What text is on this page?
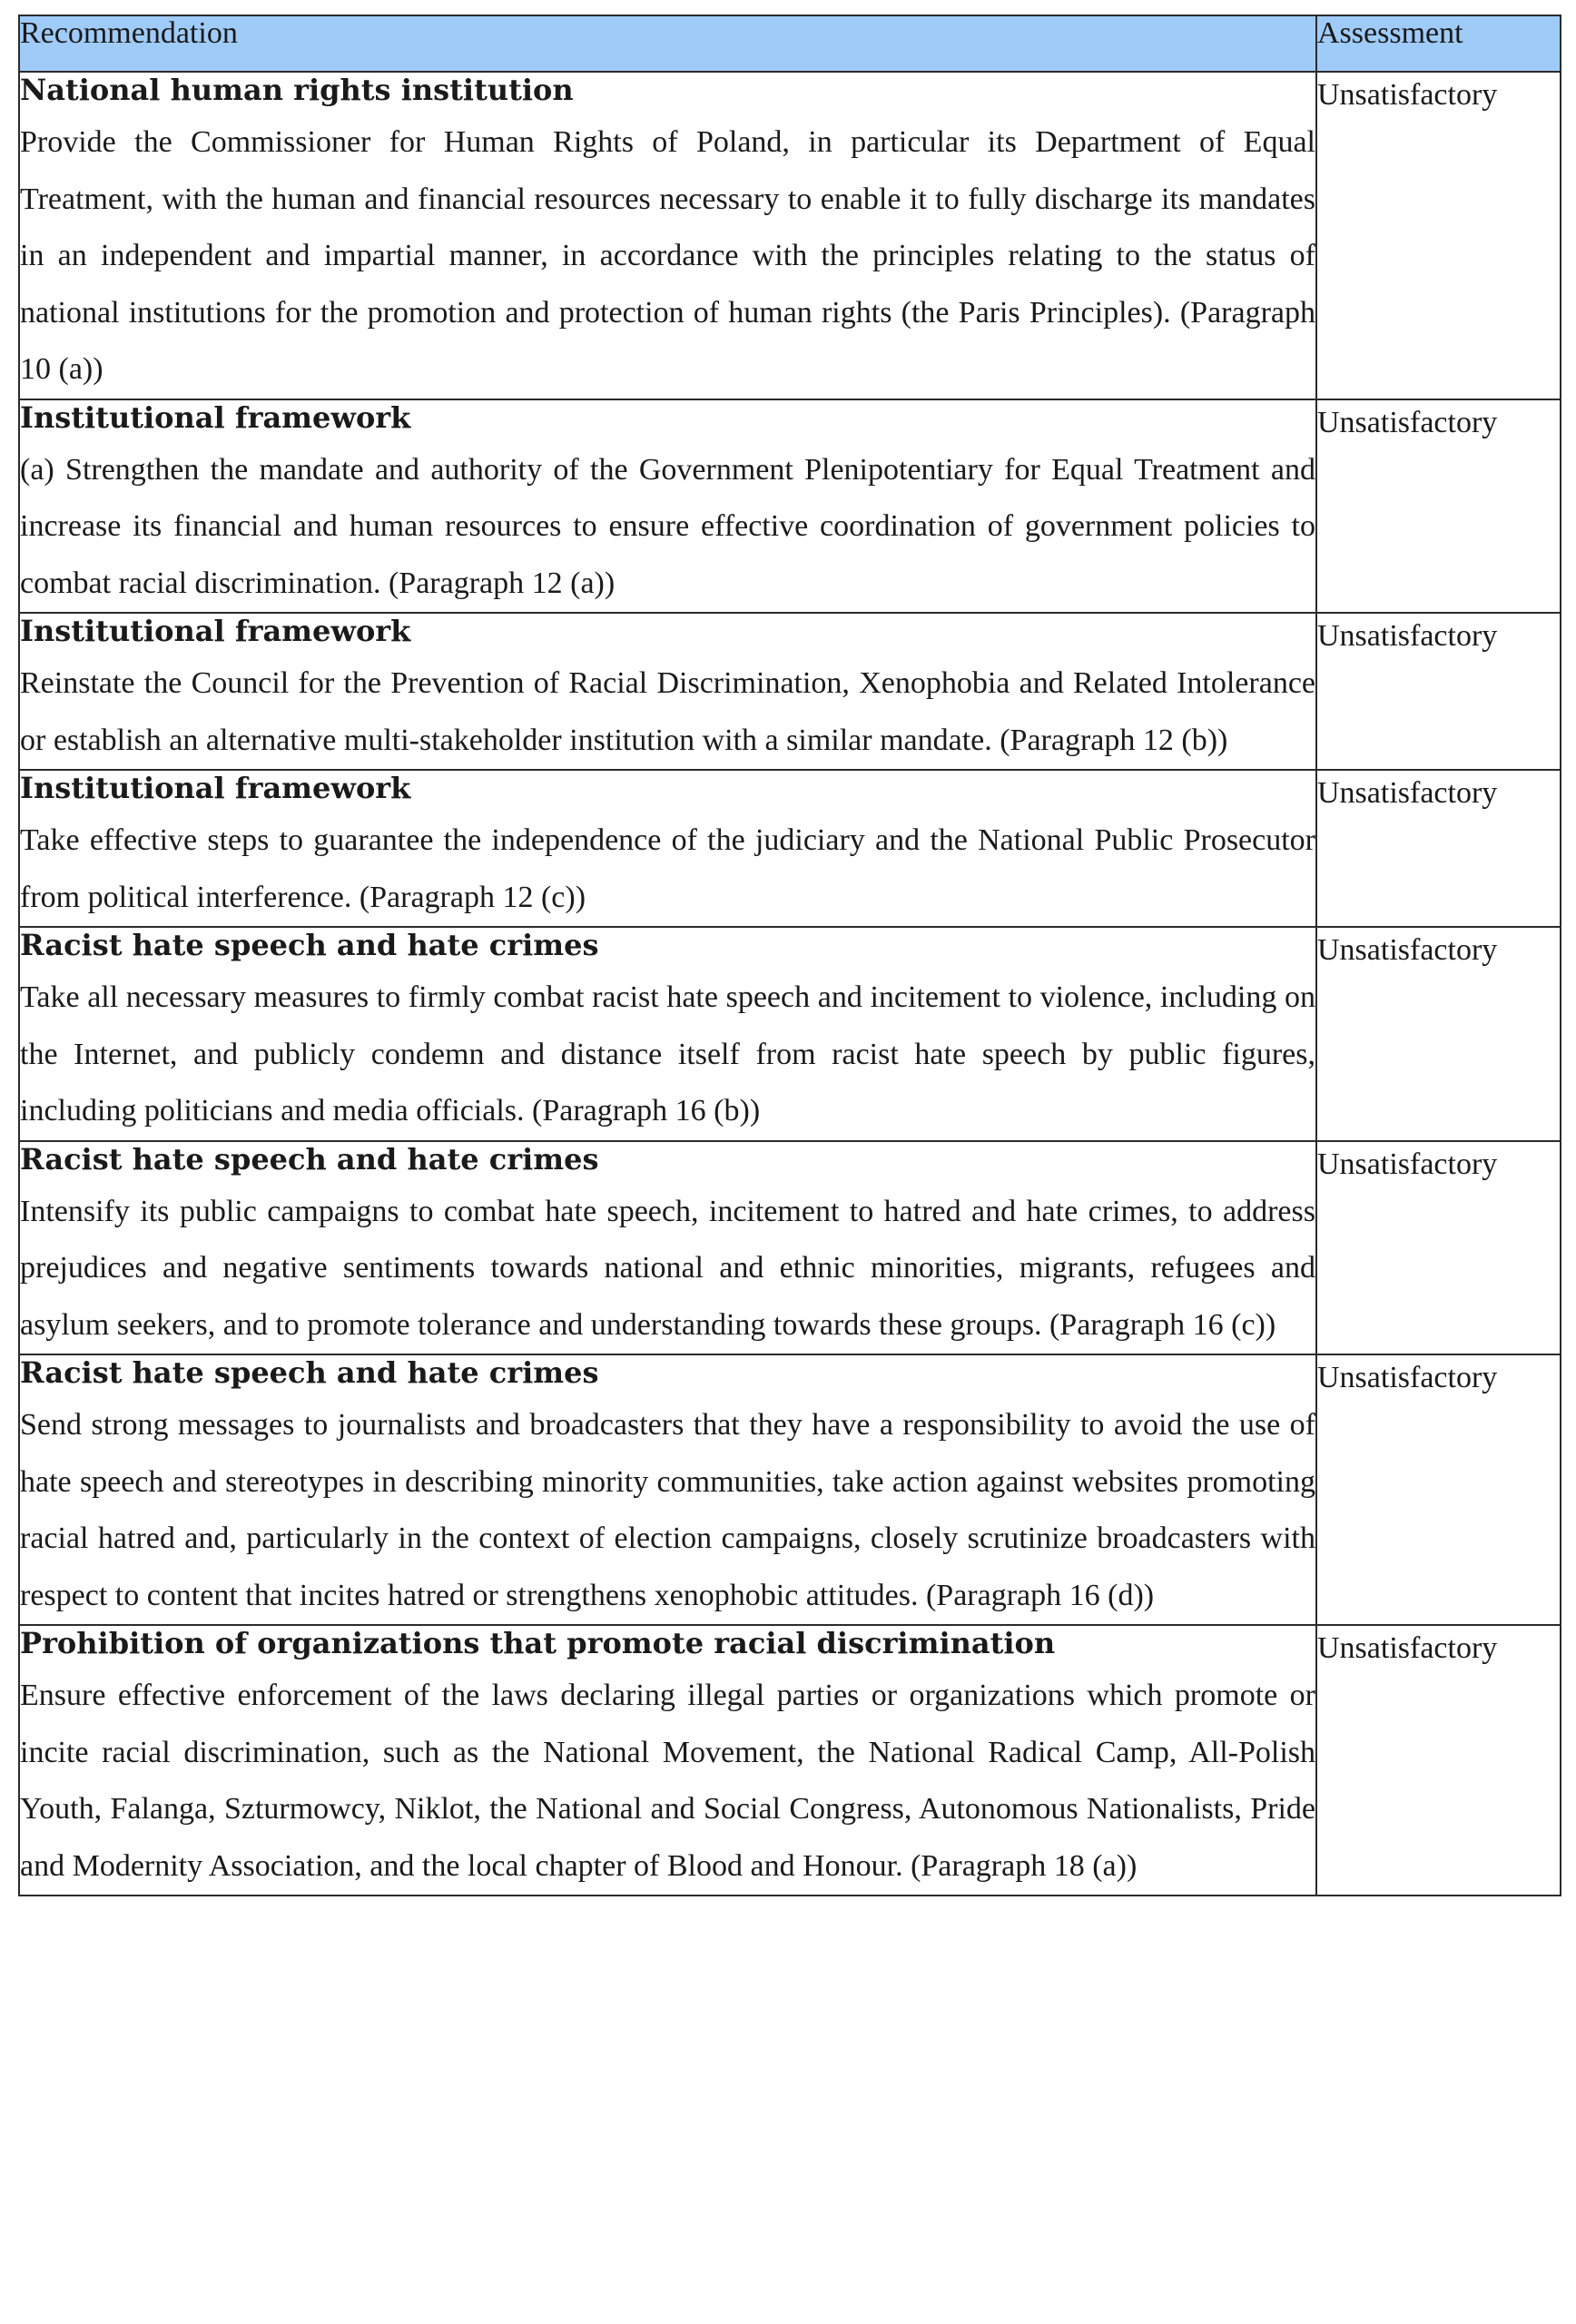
Recommendation	Assessment

National human rights institution
Provide the Commissioner for Human Rights of Poland, in particular its Department of Equal Treatment, with the human and financial resources necessary to enable it to fully discharge its mandates in an independent and impartial manner, in accordance with the principles relating to the status of national institutions for the promotion and protection of human rights (the Paris Principles). (Paragraph 10 (a))	Unsatisfactory

Institutional framework
(a) Strengthen the mandate and authority of the Government Plenipotentiary for Equal Treatment and increase its financial and human resources to ensure effective coordination of government policies to combat racial discrimination. (Paragraph 12 (a))	Unsatisfactory

Institutional framework
Reinstate the Council for the Prevention of Racial Discrimination, Xenophobia and Related Intolerance or establish an alternative multi-stakeholder institution with a similar mandate. (Paragraph 12 (b))	Unsatisfactory

Institutional framework
Take effective steps to guarantee the independence of the judiciary and the National Public Prosecutor from political interference. (Paragraph 12 (c))	Unsatisfactory

Racist hate speech and hate crimes
Take all necessary measures to firmly combat racist hate speech and incitement to violence, including on the Internet, and publicly condemn and distance itself from racist hate speech by public figures, including politicians and media officials. (Paragraph 16 (b))	Unsatisfactory

Racist hate speech and hate crimes
Intensify its public campaigns to combat hate speech, incitement to hatred and hate crimes, to address prejudices and negative sentiments towards national and ethnic minorities, migrants, refugees and asylum seekers, and to promote tolerance and understanding towards these groups. (Paragraph 16 (c))	Unsatisfactory

Racist hate speech and hate crimes
Send strong messages to journalists and broadcasters that they have a responsibility to avoid the use of hate speech and stereotypes in describing minority communities, take action against websites promoting racial hatred and, particularly in the context of election campaigns, closely scrutinize broadcasters with respect to content that incites hatred or strengthens xenophobic attitudes. (Paragraph 16 (d))	Unsatisfactory

Prohibition of organizations that promote racial discrimination
Ensure effective enforcement of the laws declaring illegal parties or organizations which promote or incite racial discrimination, such as the National Movement, the National Radical Camp, All-Polish Youth, Falanga, Szturmowcy, Niklot, the National and Social Congress, Autonomous Nationalists, Pride and Modernity Association, and the local chapter of Blood and Honour. (Paragraph 18 (a))	Unsatisfactory
